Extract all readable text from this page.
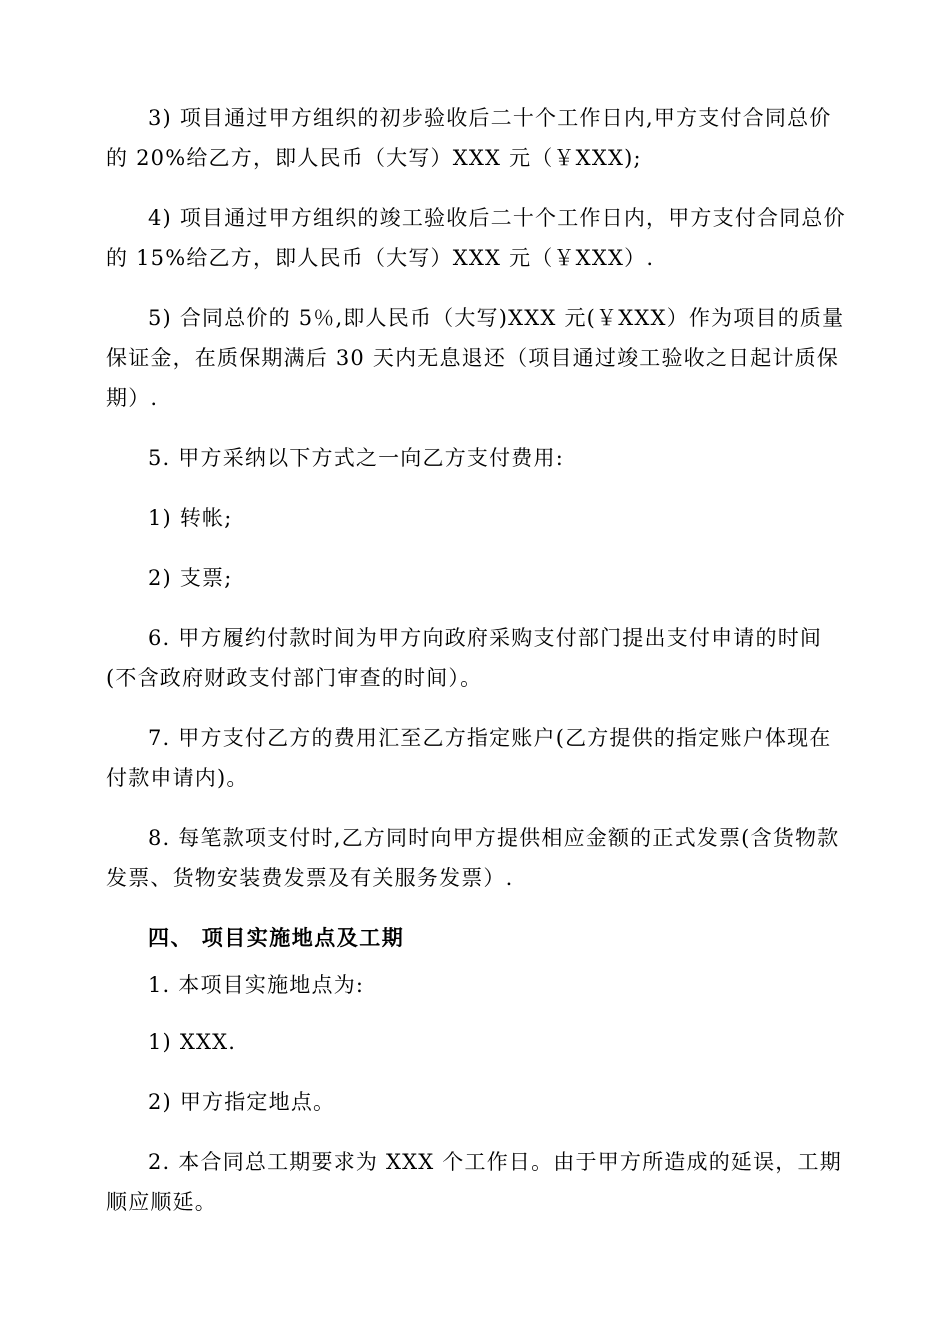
3) 项目通过甲方组织的初步验收后二十个工作日内,甲方支付合同总价的 20%给乙方，即人民币（大写）XXX 元（￥XXX);

4) 项目通过甲方组织的竣工验收后二十个工作日内，甲方支付合同总价的 15%给乙方，即人民币（大写）XXX 元（￥XXX）.

5) 合同总价的 5％,即人民币（大写)XXX 元(￥XXX）作为项目的质量保证金，在质保期满后 30 天内无息退还（项目通过竣工验收之日起计质保期）.

5. 甲方采纳以下方式之一向乙方支付费用:

1) 转帐;

2) 支票;

6. 甲方履约付款时间为甲方向政府采购支付部门提出支付申请的时间(不含政府财政支付部门审查的时间）。

7. 甲方支付乙方的费用汇至乙方指定账户(乙方提供的指定账户体现在付款申请内)。

8. 每笔款项支付时,乙方同时向甲方提供相应金额的正式发票(含货物款发票、货物安装费发票及有关服务发票）.

四、 项目实施地点及工期

1. 本项目实施地点为:

1) XXX.

2) 甲方指定地点。

2. 本合同总工期要求为 XXX 个工作日。由于甲方所造成的延误，工期顺应顺延。
